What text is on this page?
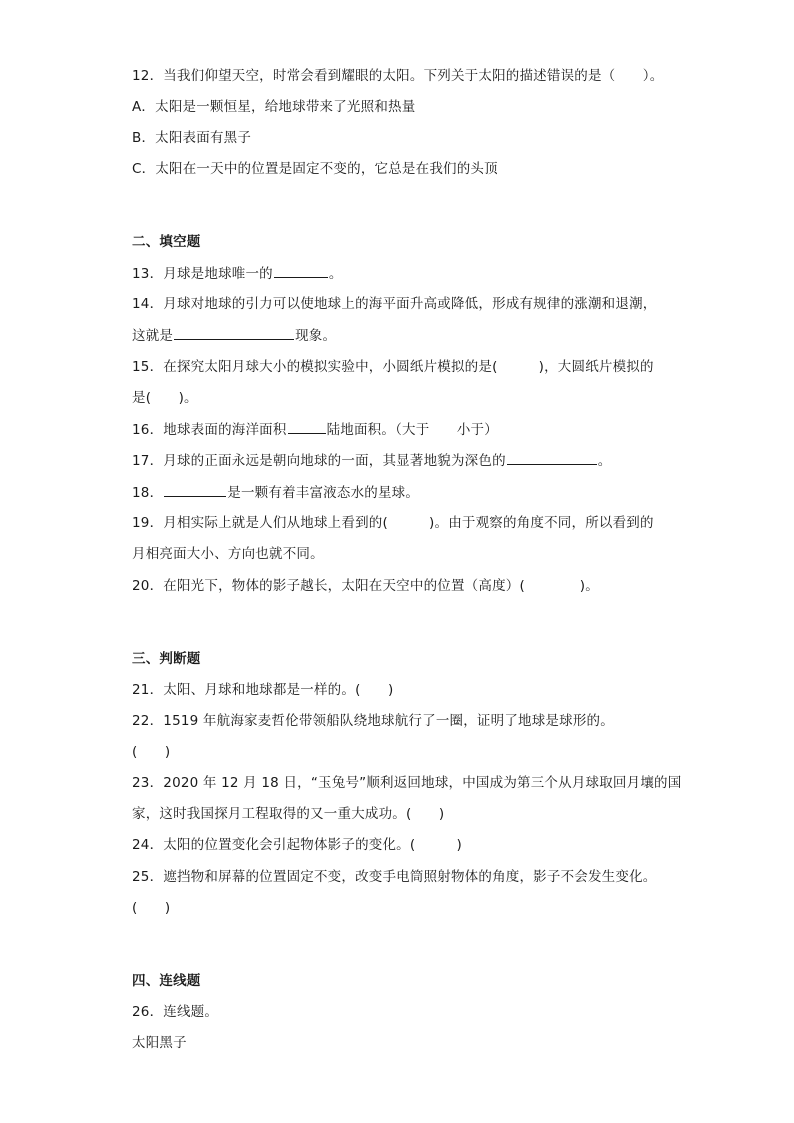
12．当我们仰望天空，时常会看到耀眼的太阳。下列关于太阳的描述错误的是（　　）。
A．太阳是一颗恒星，给地球带来了光照和热量
B．太阳表面有黑子
C．太阳在一天中的位置是固定不变的，它总是在我们的头顶
二、填空题
13．月球是地球唯一的	。
14．月球对地球的引力可以使地球上的海平面升高或降低，形成有规律的涨潮和退潮，
这就是	现象。
15．在探究太阳月球大小的模拟实验中，小圆纸片模拟的是(　　　)，大圆纸片模拟的
是(　　)。
16．地球表面的海洋面积	陆地面积。（大于　　小于）
17．月球的正面永远是朝向地球的一面，其显著地貌为深色的	。
18．	是一颗有着丰富液态水的星球。
19．月相实际上就是人们从地球上看到的(　　　)。由于观察的角度不同，所以看到的
月相亮面大小、方向也就不同。
20．在阳光下，物体的影子越长，太阳在天空中的位置（高度）(　　　　)。
三、判断题
21．太阳、月球和地球都是一样的。(　　)
22．1519 年航海家麦哲伦带领船队绕地球航行了一圈，证明了地球是球形的。
(　　)
23．2020 年 12 月 18 日，“玉兔号”顺利返回地球，中国成为第三个从月球取回月壤的国
家，这时我国探月工程取得的又一重大成功。(　　)
24．太阳的位置变化会引起物体影子的变化。(　　　)
25．遮挡物和屏幕的位置固定不变，改变手电筒照射物体的角度，影子不会发生变化。
(　　)
四、连线题
26．连线题。
太阳黑子
